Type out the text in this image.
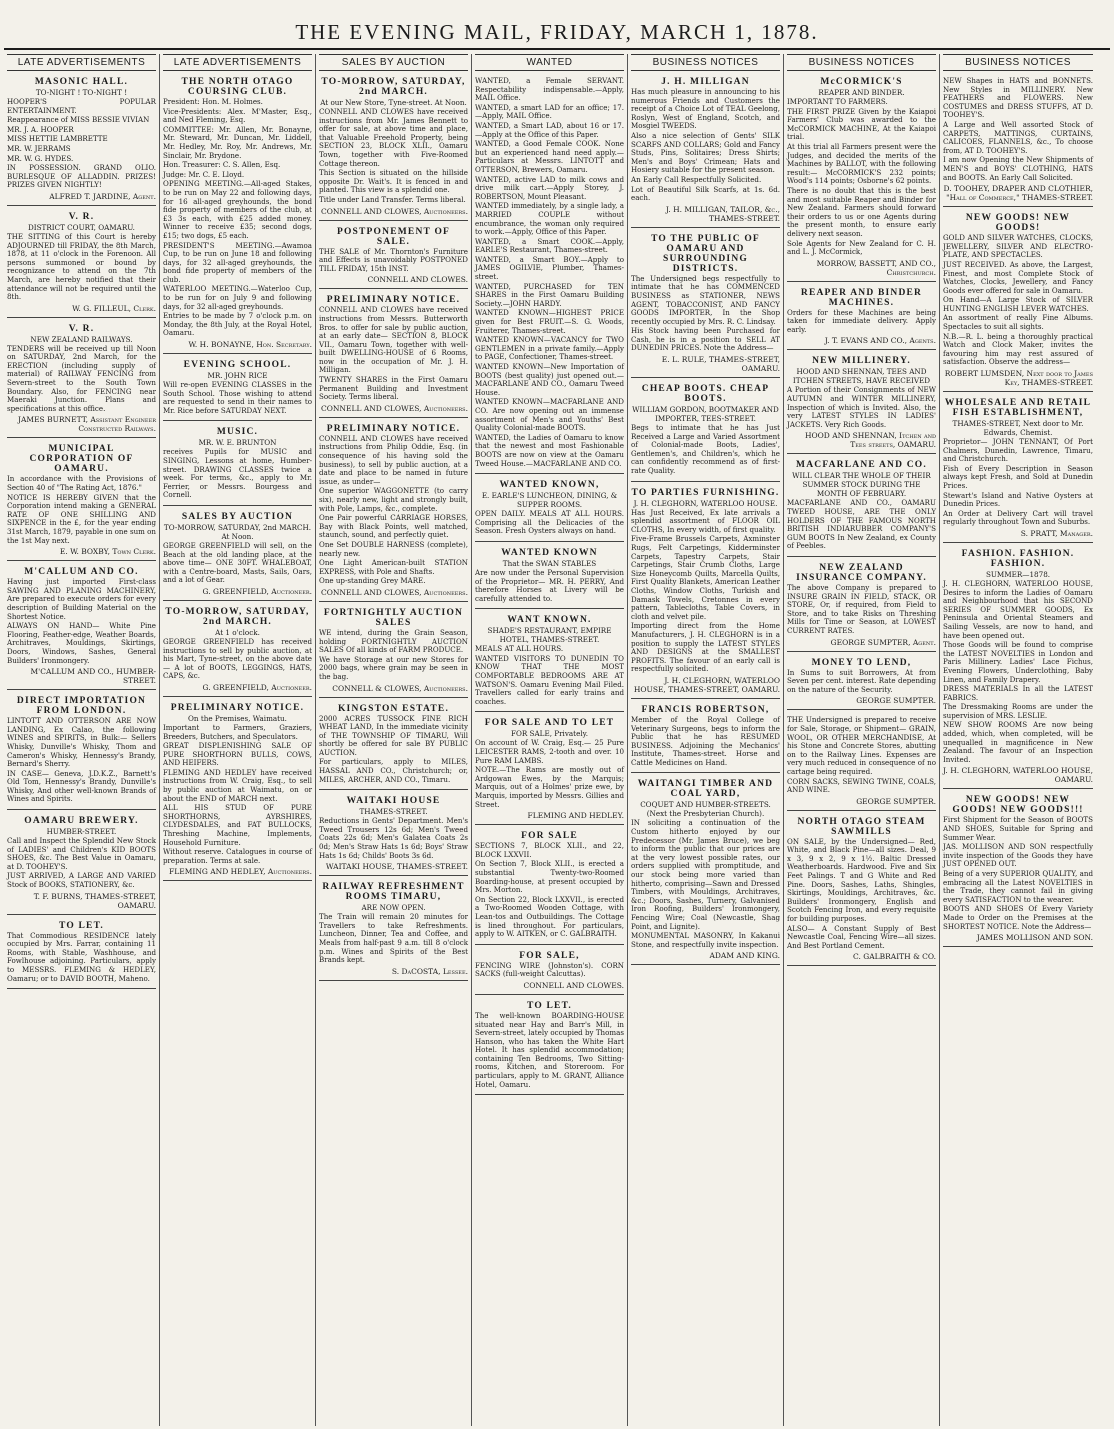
THE EVENING MAIL, FRIDAY, MARCH 1, 1878.
LATE ADVERTISEMENTS
MASONIC HALL.
TO-NIGHT ! TO-NIGHT !

HOOPER'S POPULAR ENTERTAINMENT.

Reappearance of MISS BESSIE VIVIAN

MR. J. A. HOOPER

MISS HETTIE LAMBRETTE

MR. W. JERRAMS

MR. W. G. HYDES.

IN POSSESSION. GRAND OLIO. BURLESQUE OF ALLADDIN. PRIZES! PRIZES GIVEN NIGHTLY!

ALFRED T. JARDINE, Agent.
V. R.
DISTRICT COURT, OAMARU.

THE SITTING of this Court is hereby ADJOURNED till FRIDAY, the 8th March, 1878, at 11 o'clock in the Forenoon. All persons summoned or bound by recognizance to attend on the 7th March, are hereby notified that their attendance will not be required until the 8th.

W. G. FILLEUL, Clerk.
V. R.
NEW ZEALAND RAILWAYS.

TENDERS will be received up till Noon on SATURDAY, 2nd March, for the ERECTION (including supply of material) of RAILWAY FENCING from Severn-street to the South Town Boundary. Also, for FENCING near Maeraki Junction. Plans and specifications at this office.

JAMES BURNETT, Assistant Engineer Constructed Railways.
MUNICIPAL CORPORATION OF OAMARU.

In accordance with the Provisions of Section 40 of "The Rating Act, 1876."

NOTICE IS HEREBY GIVEN that the Corporation intend making a GENERAL RATE OF ONE SHILLING AND SIXPENCE in the £, for the year ending 31st March, 1879, payable in one sum on the 1st May next.

E. W. BOXBY, Town Clerk.
M'CALLUM AND CO.

Having just imported First-class SAWING AND PLANING MACHINERY, Are prepared to execute orders for every description of Building Material on the Shortest Notice.

ALWAYS ON HAND— White Pine Flooring, Feather-edge, Weather Boards, Architraves, Mouldings, Skirtings, Doors, Windows, Sashes, General Builders' Ironmongery.

M'CALLUM AND CO., HUMBER-STREET.
DIRECT IMPORTATION FROM LONDON.

LINTOTT AND OTTERSON ARE NOW LANDING, Ex Calao, the following WINES and SPIRITS, in Bulk:— Sellers Whisky, Dunville's Whisky, Thom and Cameron's Whisky, Hennessy's Brandy, Bernard's Sherry.

IN CASE— Geneva, J.D.K.Z., Barnett's Old Tom, Hennessy's Brandy, Dunville's Whisky, And other well-known Brands of Wines and Spirits.

OAMARU BREWERY.
HUMBER-STREET.

Call and Inspect the Splendid New Stock of LADIES' and Children's KID BOOTS SHOES, &c. The Best Value in Oamaru, at D. TOOHEY'S.

JUST ARRIVED, A LARGE AND VARIED Stock of BOOKS, STATIONERY, &c.

T. F. BURNS, THAMES-STREET, OAMARU.
TO LET.

That Commodious RESIDENCE lately occupied by Mrs. Farrar, containing 11 Rooms, with Stable, Washhouse, and Fowlhouse adjoining. Particulars, apply to MESSRS. FLEMING & HEDLEY, Oamaru; or to DAVID BOOTH, Maheno.

LATE ADVERTISEMENTS
THE NORTH OTAGO COURSING CLUB.

President: Hon. M. Holmes.

Vice-Presidents: Alex. M'Master, Esq., and Ned Fleming, Esq.

COMMITTEE: Mr. Allen, Mr. Bonayne, Mr. Steward, Mr. Duncan, Mr. Liddell, Mr. Hedley, Mr. Roy, Mr. Andrews, Mr. Sinclair, Mr. Brydone.

Hon. Treasurer: C. S. Allen, Esq.

Judge: Mr. C. E. Lloyd.

OPENING MEETING.—All-aged Stakes, to be run on May 22 and following days, for 16 all-aged greyhounds, the bond fide property of members of the club, at £3 3s each, with £25 added money. Winner to receive £35; second dogs, £15; two dogs, £5 each.

PRESIDENT'S MEETING.—Awamoa Cup, to be run on June 18 and following days, for 32 all-aged greyhounds, the bond fide property of members of the club.

WATERLOO MEETING.—Waterloo Cup, to be run for on July 9 and following days, for 32 all-aged greyhounds.

Entries to be made by 7 o'clock p.m. on Monday, the 8th July, at the Royal Hotel, Oamaru.

W. H. BONAYNE, Hon. Secretary.
EVENING SCHOOL.
MR. JOHN RICE

Will re-open EVENING CLASSES in the South School. Those wishing to attend are requested to send in their names to Mr. Rice before SATURDAY NEXT.

MUSIC.
MR. W. E. BRUNTON

receives Pupils for MUSIC and SINGING, Lessons at home, Humber-street. DRAWING CLASSES twice a week. For terms, &c., apply to Mr. Ferrier, or Messrs. Bourgess and Cornell.

SALES BY AUCTION
TO-MORROW, SATURDAY, 2nd MARCH. At Noon.

GEORGE GREENFIELD will sell, on the Beach at the old landing place, at the above time— ONE 30FT. WHALEBOAT, with a Centre-board, Masts, Sails, Oars, and a lot of Gear.

G. GREENFIELD, Auctioneer.
TO-MORROW, SATURDAY, 2nd MARCH.
At 1 o'clock.

GEORGE GREENFIELD has received instructions to sell by public auction, at his Mart, Tyne-street, on the above date— A lot of BOOTS, LEGGINGS, HATS, CAPS, &c.

G. GREENFIELD, Auctioneer.
PRELIMINARY NOTICE.
On the Premises, Waimatu.

Important to Farmers, Graziers, Breeders, Butchers, and Speculators.

GREAT DISPLENISHING SALE OF PURE SHORTHORN BULLS, COWS, AND HEIFERS.

FLEMING AND HEDLEY have received instructions from W. Craig, Esq., to sell by public auction at Waimatu, on or about the END of MARCH next.

ALL HIS STUD OF PURE SHORTHORNS, AYRSHIRES, CLYDESDALES, and FAT BULLOCKS, Threshing Machine, Implements, Household Furniture.

Without reserve. Catalogues in course of preparation. Terms at sale.

FLEMING AND HEDLEY, Auctioneers.
SALES BY AUCTION
TO-MORROW, SATURDAY, 2nd MARCH.
At our New Store, Tyne-street. At Noon.

CONNELL AND CLOWES have received instructions from Mr. James Bennett to offer for sale, at above time and place, that Valuable Freehold Property, being SECTION 23, BLOCK XLII., Oamaru Town, together with Five-Roomed Cottage thereon.

This Section is situated on the hillside opposite Dr. Wait's. It is fenced in and planted. This view is a splendid one.

Title under Land Transfer. Terms liberal.

CONNELL AND CLOWES, Auctioneers.
POSTPONEMENT OF SALE.

THE SALE of Mr. Thornton's Furniture and Effects is unavoidably POSTPONED TILL FRIDAY, 15th INST.

CONNELL AND CLOWES.
PRELIMINARY NOTICE.

CONNELL AND CLOWES have received instructions from Messrs. Butterworth Bros. to offer for sale by public auction, at an early date— SECTION 8, BLOCK VII., Oamaru Town, together with well-built DWELLING-HOUSE of 6 Rooms, now in the occupation of Mr. J. H. Milligan.

TWENTY SHARES in the First Oamaru Permanent Building and Investment Society. Terms liberal.

CONNELL AND CLOWES, Auctioneers.
PRELIMINARY NOTICE.

CONNELL AND CLOWES have received instructions from Philip Oddie, Esq. (in consequence of his having sold the business), to sell by public auction, at a date and place to be named in future issue, as under—

One superior WAGGONETTE (to carry six), nearly new, light and strongly built, with Pole, Lamps, &c., complete.

One Pair powerful CARRIAGE HORSES, Bay with Black Points, well matched, staunch, sound, and perfectly quiet.

One Set DOUBLE HARNESS (complete), nearly new.

One Light American-built STATION EXPRESS, with Pole and Shafts.

One up-standing Grey MARE.

CONNELL AND CLOWES, Auctioneers.
FORTNIGHTLY AUCTION SALES

WE intend, during the Grain Season, holding FORTNIGHTLY AUCTION SALES Of all kinds of FARM PRODUCE.

We have Storage at our new Stores for 2000 bags, where grain may be seen in the bag.

CONNELL & CLOWES, Auctioneers.
KINGSTON ESTATE.

2000 ACRES TUSSOCK FINE RICH WHEAT LAND, In the immediate vicinity of THE TOWNSHIP OF TIMARU, Will shortly be offered for sale BY PUBLIC AUCTION.

For particulars, apply to MILES, HASSAL AND CO., Christchurch; or, MILES, ARCHER, AND CO., Timaru.

WAITAKI HOUSE
THAMES-STREET.

Reductions in Gents' Department. Men's Tweed Trousers 12s 6d; Men's Tweed Coats 22s 6d; Men's Galatea Coats 2s 0d; Men's Straw Hats 1s 6d; Boys' Straw Hats 1s 6d; Childs' Boots 3s 6d.

WAITAKI HOUSE, THAMES-STREET.
RAILWAY REFRESHMENT ROOMS TIMARU,
ARE NOW OPEN.

The Train will remain 20 minutes for Travellers to take Refreshments. Luncheon, Dinner, Tea and Coffee, and Meals from half-past 9 a.m. till 8 o'clock p.m. Wines and Spirits of the Best Brands kept.

S. DaCOSTA, Lessee.
WANTED

WANTED, a Female SERVANT. Respectability indispensable.—Apply, MAIL Office.

WANTED, a smart LAD for an office; 17.—Apply, MAIL Office.

WANTED, a Smart LAD, about 16 or 17.—Apply at the Office of this Paper.

WANTED, a Good Female COOK. None but an experienced hand need apply.—Particulars at Messrs. LINTOTT and OTTERSON, Brewers, Oamaru.

WANTED, active LAD to milk cows and drive milk cart.—Apply Storey, J. ROBERTSON, Mount Pleasant.

WANTED immediately, by a single lady, a MARRIED COUPLE without encumbrance, the woman only required to work.—Apply, Office of this Paper.

WANTED, a Smart COOK.—Apply, EARLE'S Restaurant, Thames-street.

WANTED, a Smart BOY.—Apply to JAMES OGILVIE, Plumber, Thames-street.

WANTED, PURCHASED for TEN SHARES in the First Oamaru Building Society.—JOHN HARDY.

WANTED KNOWN—HIGHEST PRICE given for Best FRUIT.—S. G. Woods, Fruiterer, Thames-street.

WANTED KNOWN—VACANCY for TWO GENTLEMEN in a private family.—Apply to PAGE, Confectioner, Thames-street.

WANTED KNOWN—New Importation of BOOTS (best quality) just opened out.—MACFARLANE AND CO., Oamaru Tweed House.

WANTED KNOWN—MACFARLANE AND CO. Are now opening out an immense assortment of Men's and Youths' Best Quality Colonial-made BOOTS.

WANTED, the Ladies of Oamaru to know that the newest and most Fashionable BOOTS are now on view at the Oamaru Tweed House.—MACFARLANE AND CO.

WANTED KNOWN,
E. EARLE'S LUNCHEON, DINING, & SUPPER ROOMS.

OPEN DAILY. MEALS AT ALL HOURS. Comprising all the Delicacies of the Season. Fresh Oysters always on hand.

WANTED KNOWN
That the SWAN STABLES

Are now under the Personal Supervision of the Proprietor— MR. H. PERRY, And therefore Horses at Livery will be carefully attended to.

WANT KNOWN.
SHADE'S RESTAURANT, EMPIRE HOTEL, THAMES-STREET.

MEALS AT ALL HOURS.

WANTED VISITORS TO DUNEDIN TO KNOW THAT THE MOST COMFORTABLE BEDROOMS ARE AT WATSON'S. Oamaru Evening Mail Filed. Travellers called for early trains and coaches.

FOR SALE AND TO LET
FOR SALE, Privately.

On account of W. Craig, Esq.— 25 Pure LEICESTER RAMS, 2-tooth and over. 10 Pure RAM LAMBS.

NOTE.—The Rams are mostly out of Ardgowan Ewes, by the Marquis; Marquis, out of a Holmes' prize ewe, by Marquis, imported by Messrs. Gillies and Street.

FLEMING AND HEDLEY.
FOR SALE

SECTIONS 7, BLOCK XLII., and 22, BLOCK LXXVII.

On Section 7, Block XLII., is erected a substantial Twenty-two-Roomed Boarding-house, at present occupied by Mrs. Morton.

On Section 22, Block LXXVII., is erected a Two-Roomed Wooden Cottage, with Lean-tos and Outbuildings. The Cottage is lined throughout. For particulars, apply to W. AITKEN, or C. GALBRAITH.

FOR SALE,

FENCING WIRE (Johnston's). CORN SACKS (full-weight Calcuttas).

CONNELL AND CLOWES.
TO LET.

The well-known BOARDING-HOUSE situated near Hay and Barr's Mill, in Severn-street, lately occupied by Thomas Hanson, who has taken the White Hart Hotel. It has splendid accommodation; containing Ten Bedrooms, Two Sitting-rooms, Kitchen, and Storeroom. For particulars, apply to M. GRANT, Alliance Hotel, Oamaru.

BUSINESS NOTICES
J. H. MILLIGAN

Has much pleasure in announcing to his numerous Friends and Customers the receipt of a Choice Lot of TEAL Geelong, Roslyn, West of England, Scotch, and Mosgiel TWEEDS.

Also a nice selection of Gents' SILK SCARFS AND COLLARS; Gold and Fancy Studs, Pins, Solitaires; Dress Shirts; Men's and Boys' Crimean; Hats and Hosiery suitable for the present season.

An Early Call Respectfully Solicited.

Lot of Beautiful Silk Scarfs, at 1s. 6d. each.

J. H. MILLIGAN, TAILOR, &c., THAMES-STREET.
TO THE PUBLIC OF OAMARU AND SURROUNDING DISTRICTS.

The Undersigned begs respectfully to intimate that he has COMMENCED BUSINESS as STATIONER, NEWS AGENT, TOBACCONIST, AND FANCY GOODS IMPORTER, In the Shop recently occupied by Mrs. R. C. Lindsay.

His Stock having been Purchased for Cash, he is in a position to SELL AT DUNEDIN PRICES. Note the Address—

E. L. RULE, THAMES-STREET, OAMARU.
CHEAP BOOTS. CHEAP BOOTS.
WILLIAM GORDON, BOOTMAKER AND IMPORTER, TEES-STREET.

Begs to intimate that he has Just Received a Large and Varied Assortment of Colonial-made Boots, Ladies', Gentlemen's, and Children's, which he can confidently recommend as of first-rate Quality.

TO PARTIES FURNISHING.
J. H. CLEGHORN, WATERLOO HOUSE.

Has Just Received, Ex late arrivals a splendid assortment of FLOOR OIL CLOTHS, In every width, of first quality.

Five-Frame Brussels Carpets, Axminster Rugs, Felt Carpetings, Kidderminster Carpets, Tapestry Carpets, Stair Carpetings, Stair Crumb Cloths, Large Size Honeycomb Quilts, Marcella Quilts, First Quality Blankets, American Leather Cloths, Window Cloths, Turkish and Damask Towels, Cretonnes in every pattern, Tablecloths, Table Covers, in cloth and velvet pile.

Importing direct from the Home Manufacturers, J. H. CLEGHORN is in a position to supply the LATEST STYLES AND DESIGNS at the SMALLEST PROFITS. The favour of an early call is respectfully solicited.

J. H. CLEGHORN, WATERLOO HOUSE, THAMES-STREET, OAMARU.
FRANCIS ROBERTSON,

Member of the Royal College of Veterinary Surgeons, begs to inform the Public that he has RESUMED BUSINESS. Adjoining the Mechanics' Institute, Thames-street. Horse and Cattle Medicines on Hand.

WAITANGI TIMBER AND COAL YARD,
COQUET AND HUMBER-STREETS. (Next the Presbyterian Church).

IN soliciting a continuation of the Custom hitherto enjoyed by our Predecessor (Mr. James Bruce), we beg to inform the public that our prices are at the very lowest possible rates, our orders supplied with promptitude, and our stock being more varied than hitherto, comprising—Sawn and Dressed Timbers, with Mouldings, Architraves, &c.; Doors, Sashes, Turnery, Galvanised Iron Roofing, Builders' Ironmongery, Fencing Wire; Coal (Newcastle, Shag Point, and Lignite).

MONUMENTAL MASONRY, In Kakanui Stone, and respectfully invite inspection.

ADAM AND KING.
BUSINESS NOTICES
McCORMICK'S
REAPER AND BINDER.

IMPORTANT TO FARMERS.

THE FIRST PRIZE Given by the Kaiapoi Farmers' Club was awarded to the McCORMICK MACHINE, At the Kaiapoi trial.

At this trial all Farmers present were the Judges, and decided the merits of the Machines by BALLOT, with the following result:— McCORMICK'S 232 points; Wood's 114 points; Osborne's 62 points.

There is no doubt that this is the best and most suitable Reaper and Binder for New Zealand. Farmers should forward their orders to us or one Agents during the present month, to ensure early delivery next season.

Sole Agents for New Zealand for C. H. and L. J. McCormick,

MORROW, BASSETT, AND CO., Christchurch.
REAPER AND BINDER MACHINES.

Orders for these Machines are being taken for immediate delivery. Apply early.

J. T. EVANS AND CO., Agents.
NEW MILLINERY.
HOOD AND SHENNAN, TEES AND ITCHEN STREETS, HAVE RECEIVED

A Portion of their Consignments of NEW AUTUMN and WINTER MILLINERY, Inspection of which is Invited. Also, the very LATEST STYLES IN LADIES' JACKETS. Very Rich Goods.

HOOD AND SHENNAN, Itchen and Tees streets, OAMARU.
MACFARLANE AND CO.
WILL CLEAR THE WHOLE OF THEIR SUMMER STOCK DURING THE MONTH OF FEBRUARY.

MACFARLANE AND CO., OAMARU TWEED HOUSE, ARE THE ONLY HOLDERS OF THE FAMOUS NORTH BRITISH INDIARUBBER COMPANY'S GUM BOOTS In New Zealand, ex County of Peebles.

NEW ZEALAND INSURANCE COMPANY.

The above Company is prepared to INSURE GRAIN IN FIELD, STACK, OR STORE, Or, if required, from Field to Store, and to take Risks on Threshing Mills for Time or Season, at LOWEST CURRENT RATES.

GEORGE SUMPTER, Agent.
MONEY TO LEND,

In Sums to suit Borrowers, At from Seven per cent. interest. Rate depending on the nature of the Security.

GEORGE SUMPTER.

THE Undersigned is prepared to receive for Sale, Storage, or Shipment— GRAIN, WOOL, OR OTHER MERCHANDISE, At his Stone and Concrete Stores, abutting on to the Railway Lines. Expenses are very much reduced in consequence of no cartage being required.

CORN SACKS, SEWING TWINE, COALS, AND WINE.

GEORGE SUMPTER.
NORTH OTAGO STEAM SAWMILLS

ON SALE, by the Undersigned— Red, White, and Black Pine—all sizes. Deal, 9 x 3, 9 x 2, 9 x 1½. Baltic Dressed Weatherboards. Hardwood. Five and Six Feet Palings. T and G White and Red Pine. Doors, Sashes, Laths, Shingles, Skirtings, Mouldings, Architraves, &c. Builders' Ironmongery, English and Scotch Fencing Iron, and every requisite for building purposes.

ALSO— A Constant Supply of Best Newcastle Coal, Fencing Wire—all sizes. And Best Portland Cement.

C. GALBRAITH & CO.
BUSINESS NOTICES

NEW Shapes in HATS and BONNETS. New Styles in MILLINERY. New FEATHERS and FLOWERS. New COSTUMES and DRESS STUFFS, AT D. TOOHEY'S.

A Large and Well assorted Stock of CARPETS, MATTINGS, CURTAINS, CALICOES, FLANNELS, &c., To choose from, AT D. TOOHEY'S.

I am now Opening the New Shipments of MEN'S and BOYS' CLOTHING, HATS and BOOTS. An Early Call Solicited.

D. TOOHEY, DRAPER AND CLOTHIER, "Hall of Commerce," THAMES-STREET.
NEW GOODS! NEW GOODS!

GOLD AND SILVER WATCHES, CLOCKS, JEWELLERY, SILVER AND ELECTRO-PLATE, AND SPECTACLES.

JUST RECEIVED. As above, the Largest, Finest, and most Complete Stock of Watches, Clocks, Jewellery, and Fancy Goods ever offered for sale in Oamaru.

On Hand—A Large Stock of SILVER HUNTING ENGLISH LEVER WATCHES.

An assortment of really Fine Albums. Spectacles to suit all sights.

N.B.—R. L. being a thoroughly practical Watch and Clock Maker, invites the favouring him may rest assured of satisfaction. Observe the address—

ROBERT LUMSDEN, Next door to James Key, THAMES-STREET.
WHOLESALE AND RETAIL FISH ESTABLISHMENT,
THAMES-STREET, Next door to Mr. Edwards, Chemist.

Proprietor— JOHN TENNANT, Of Port Chalmers, Dunedin, Lawrence, Timaru, and Christchurch.

Fish of Every Description in Season always kept Fresh, and Sold at Dunedin Prices.

Stewart's Island and Native Oysters at Dunedin Prices.

An Order at Delivery Cart will travel regularly throughout Town and Suburbs.

S. PRATT, Manager.
FASHION. FASHION. FASHION.
SUMMER—1878.

J. H. CLEGHORN, WATERLOO HOUSE, Desires to inform the Ladies of Oamaru and Neighbourhood that his SECOND SERIES OF SUMMER GOODS, Ex Peninsula and Oriental Steamers and Sailing Vessels, are now to hand, and have been opened out.

Those Goods will be found to comprise the LATEST NOVELTIES in London and Paris Millinery. Ladies' Lace Fichus, Evening Flowers, Underclothing, Baby Linen, and Family Drapery.

DRESS MATERIALS In all the LATEST FABRICS.

The Dressmaking Rooms are under the supervision of MRS. LESLIE.

NEW SHOW ROOMS Are now being added, which, when completed, will be unequalled in magnificence in New Zealand. The favour of an Inspection Invited.

J. H. CLEGHORN, WATERLOO HOUSE, OAMARU.
NEW GOODS! NEW GOODS! NEW GOODS!!!

First Shipment for the Season of BOOTS AND SHOES, Suitable for Spring and Summer Wear.

JAS. MOLLISON AND SON respectfully invite inspection of the Goods they have JUST OPENED OUT.

Being of a very SUPERIOR QUALITY, and embracing all the Latest NOVELTIES in the Trade, they cannot fail in giving every SATISFACTION to the wearer.

BOOTS AND SHOES Of Every Variety Made to Order on the Premises at the SHORTEST NOTICE. Note the Address—

JAMES MOLLISON AND SON.
